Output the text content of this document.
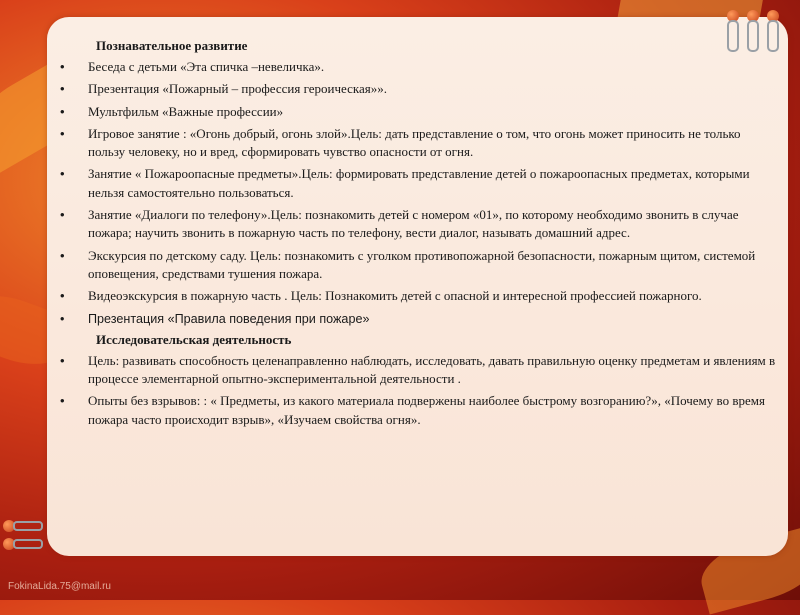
Познавательное развитие
• Беседа с детьми «Эта спичка –невеличка».
• Презентация «Пожарный – профессия героическая»».
• Мультфильм «Важные профессии»
• Игровое занятие : «Огонь добрый, огонь злой».Цель: дать представление о том, что огонь может приносить не только пользу человеку, но и вред, сформировать чувство опасности от огня.
• Занятие « Пожароопасные предметы».Цель: формировать представление детей о пожароопасных предметах, которыми нельзя самостоятельно пользоваться.
• Занятие «Диалоги по телефону».Цель: познакомить детей с номером «01», по которому необходимо звонить в случае пожара; научить звонить в пожарную часть по телефону, вести диалог, называть домашний адрес.
• Экскурсия по детскому саду. Цель: познакомить с уголком противопожарной безопасности, пожарным щитом, системой оповещения, средствами тушения пожара.
• Видеоэкскурсия в пожарную часть . Цель: Познакомить детей с опасной и интересной профессией пожарного.
• Презентация «Правила поведения при пожаре»
Исследовательская деятельность
• Цель: развивать способность целенаправленно наблюдать, исследовать, давать правильную оценку предметам и явлениям в процессе элементарной опытно-экспериментальной деятельности .
• Опыты без взрывов: : « Предметы, из какого материала подвержены наиболее быстрому возгоранию?», «Почему во время пожара часто происходит взрыв», «Изучаем свойства огня».
FokinaLida.75@mail.ru
